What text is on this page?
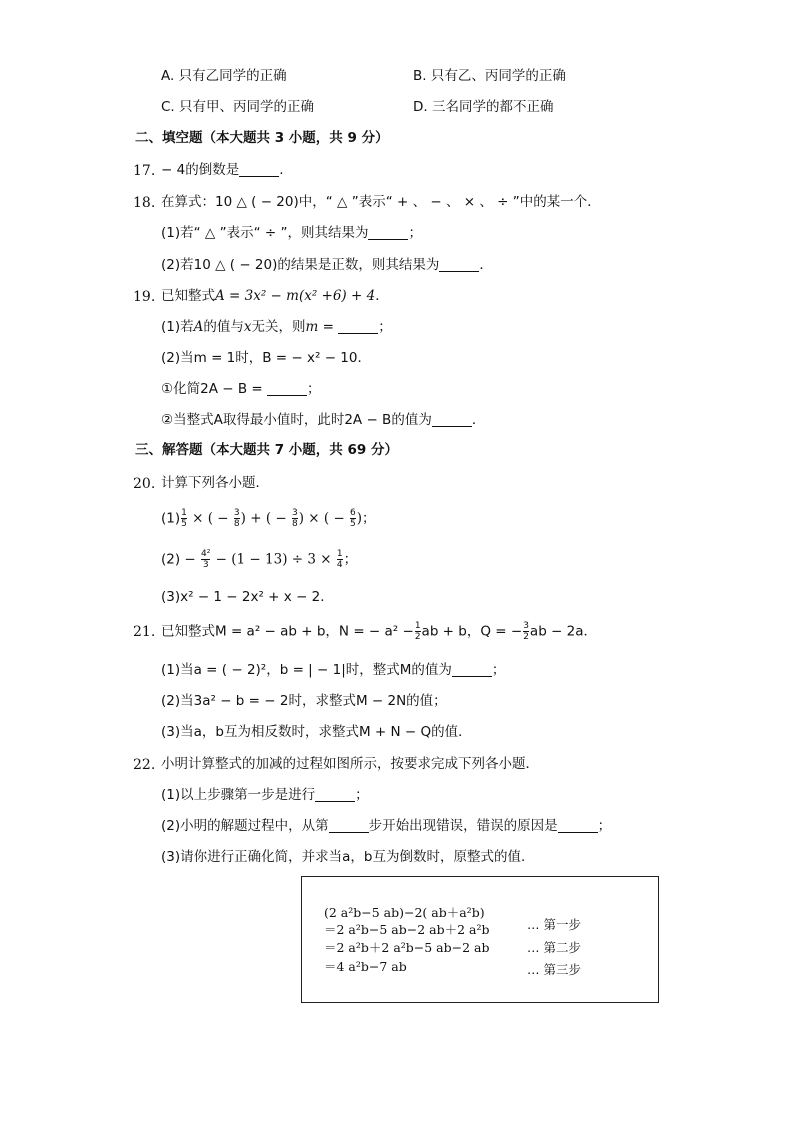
A. 只有乙同学的正确	B. 只有乙、丙同学的正确
C. 只有甲、丙同学的正确	D. 三名同学的都不正确
二、填空题（本大题共 3 小题，共 9 分）
17. − 4的倒数是	.
18. 在算式：10 △ ( − 20)中，“ △ ”表示“ + 、 − 、 × 、 ÷ ”中的某一个．
(1)若“ △ ”表示“ ÷ ”，则其结果为	；
(2)若10 △ ( − 20)的结果是正数，则其结果为	．
19. 已知整式A = 3x² − m(x² +6) + 4．
(1)若A的值与x无关，则m =	；
(2)当m = 1时，B = − x² − 10．
①化简2A − B =	；
②当整式A取得最小值时，此时2A − B的值为	．
三、解答题（本大题共 7 小题，共 69 分）
20. 计算下列各小题．
$(1) \frac{1}{5}$ × ( − $\frac{3}{8}$ ) + ( − $\frac{3}{8}$ ) × ( − $\frac{6}{5}$ )；
$(2) - \frac{\text{4²}}{3} - (1 - 13) \div 3 \times \frac{1}{4}$ ；
(3)x² − 1 − 2x² + x − 2．
21. 已知整式M = a² − ab + b，N = − $a^2 - \frac{1}{2}$ ab + b，Q = − $\frac{3}{2}$ ab − 2a．
(1)当a = ( − 2)²，b = | − 1|时，整式M的值为	；
(2)当3a² − b = − 2时，求整式M − 2N的值；
(3)当a，b互为相反数时，求整式M + N − Q的值．
22. 小明计算整式的加减的过程如图所示，按要求完成下列各小题．
(1)以上步骤第一步是进行	；
(2)小明的解题过程中，从第	步开始出现错误，错误的原因是	；
(3)请你进行正确化简，并求当a，b互为倒数时，原整式的值．
(2 a²b−5 ab)−2( ab＋a²b)
＝2 a²b−5 ab−2 ab＋2 a²b
＝2 a²b＋2 a²b−5 ab−2 ab
＝4 a²b−7 ab
… 第一步
… 第二步
… 第三步
